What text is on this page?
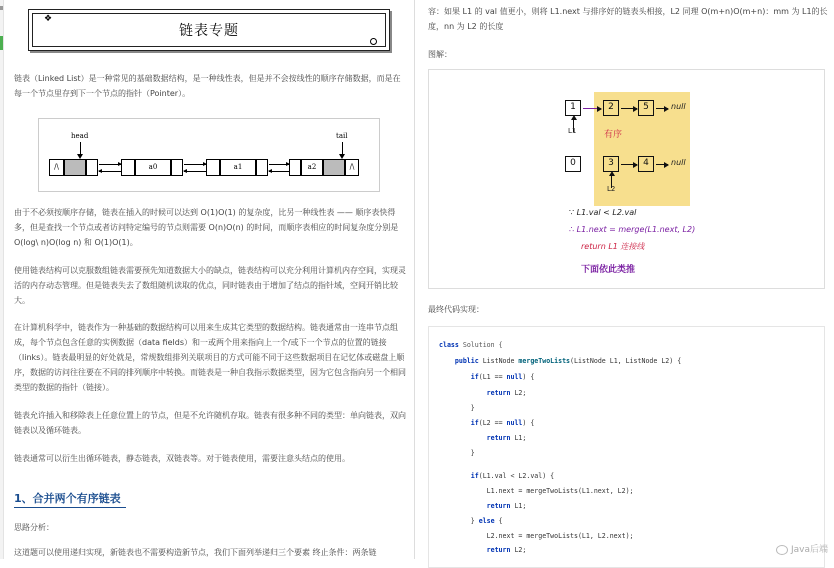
❖
链表专题

链表（Linked List）是一种常见的基础数据结构，是一种线性表，但是并不会按线性的顺序存储数据，而是在每一个节点里存到下一个节点的指针（Pointer）。

head	tail
/\	a0	a1	a2	/\

由于不必须按顺序存储，链表在插入的时候可以达到 O(1)O(1) 的复杂度，比另一种线性表 —— 顺序表快得多，但是查找一个节点或者访问特定编号的节点则需要 O(n)O(n) 的时间，而顺序表相应的时间复杂度分别是 O(log\ n)O(log n) 和 O(1)O(1)。

使用链表结构可以克服数组链表需要预先知道数据大小的缺点，链表结构可以充分利用计算机内存空间，实现灵活的内存动态管理。但是链表失去了数组随机读取的优点，同时链表由于增加了结点的指针域，空间开销比较大。

在计算机科学中，链表作为一种基础的数据结构可以用来生成其它类型的数据结构。链表通常由一连串节点组成，每个节点包含任意的实例数据（data fields）和一或两个用来指向上一个/或下一个节点的位置的链接（links）。链表最明显的好处就是，常规数组排列关联项目的方式可能不同于这些数据项目在记忆体或磁盘上顺序，数据的访问往往要在不同的排列顺序中转换。而链表是一种自我指示数据类型，因为它包含指向另一个相同类型的数据的指针（链接）。

链表允许插入和移除表上任意位置上的节点，但是不允许随机存取。链表有很多种不同的类型：单向链表，双向链表以及循环链表。

链表通常可以衍生出循环链表，静态链表，双链表等。对于链表使用，需要注意头结点的使用。

1、合并两个有序链表

思路分析：

这道题可以使用递归实现，新链表也不需要构造新节点，我们下面列举递归三个要素 终止条件：两条链

容：如果 L1 的 val 值更小，则将 L1.next 与排序好的链表头相接，L2 同理 O(m+n)O(m+n)：mm 为 L1的长度，nn 为 L2 的长度

图解：

1	2	5	null
有序
L1
0	3	4	null
L2
∵ L1.val < L2.val
∴ L1.next = merge(L1.next, L2)
return L1 连接线
下面依此类推

最终代码实现：

class Solution {
public ListNode mergeTwoLists(ListNode L1, ListNode L2) {
if(L1 == null) {
return L2;
}
if(L2 == null) {
return L1;
}
if(L1.val < L2.val) {
L1.next = mergeTwoLists(L1.next, L2);
return L1;
} else {
L2.next = mergeTwoLists(L1, L2.next);
return L2;	Java后端
